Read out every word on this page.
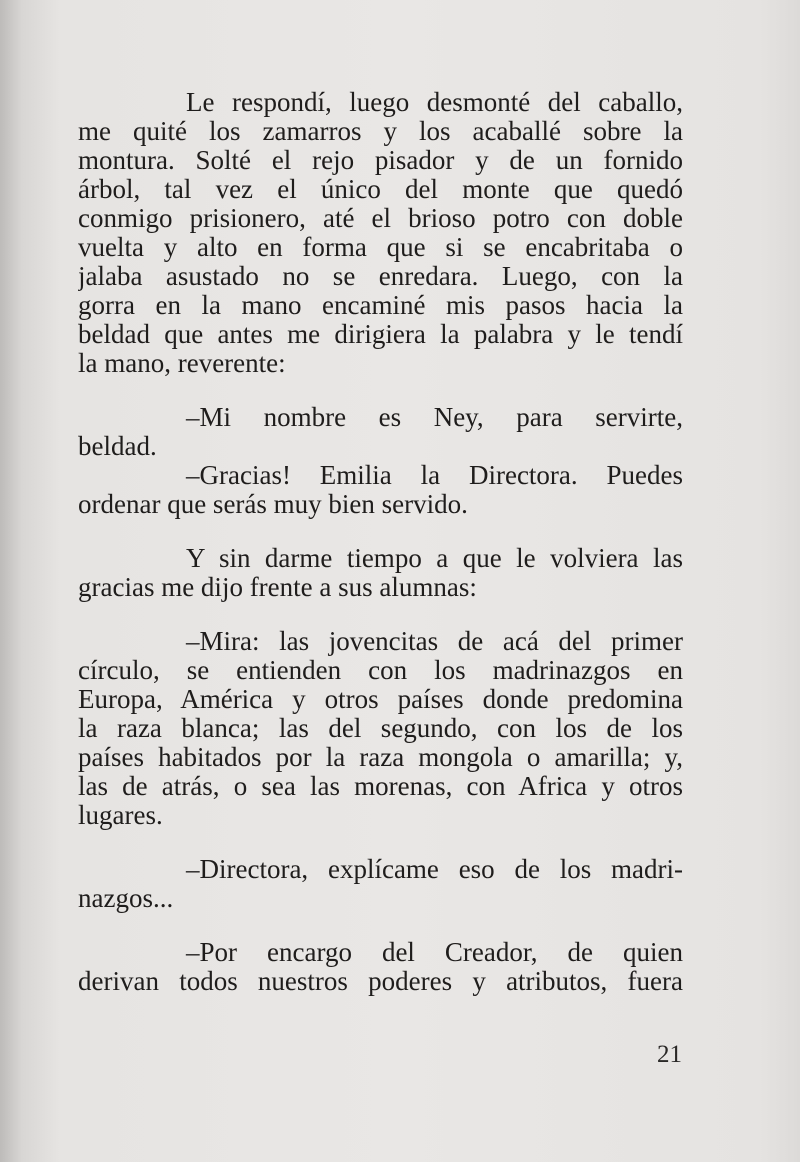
Le respondí, luego desmonté del caballo,
me quité los zamarros y los acaballé sobre la
montura. Solté el rejo pisador y de un fornido
árbol, tal vez el único del monte que quedó
conmigo prisionero, até el brioso potro con doble
vuelta y alto en forma que si se encabritaba o
jalaba asustado no se enredara. Luego, con la
gorra en la mano encaminé mis pasos hacia la
beldad que antes me dirigiera la palabra y le tendí
la mano, reverente:
–Mi nombre es Ney, para servirte,
beldad.
–Gracias! Emilia la Directora. Puedes
ordenar que serás muy bien servido.
Y sin darme tiempo a que le volviera las
gracias me dijo frente a sus alumnas:
–Mira: las jovencitas de acá del primer
círculo, se entienden con los madrinazgos en
Europa, América y otros países donde predomina
la raza blanca; las del segundo, con los de los
países habitados por la raza mongola o amarilla; y,
las de atrás, o sea las morenas, con Africa y otros
lugares.
–Directora, explícame eso de los madri-
nazgos...
–Por encargo del Creador, de quien
derivan todos nuestros poderes y atributos, fuera
21
